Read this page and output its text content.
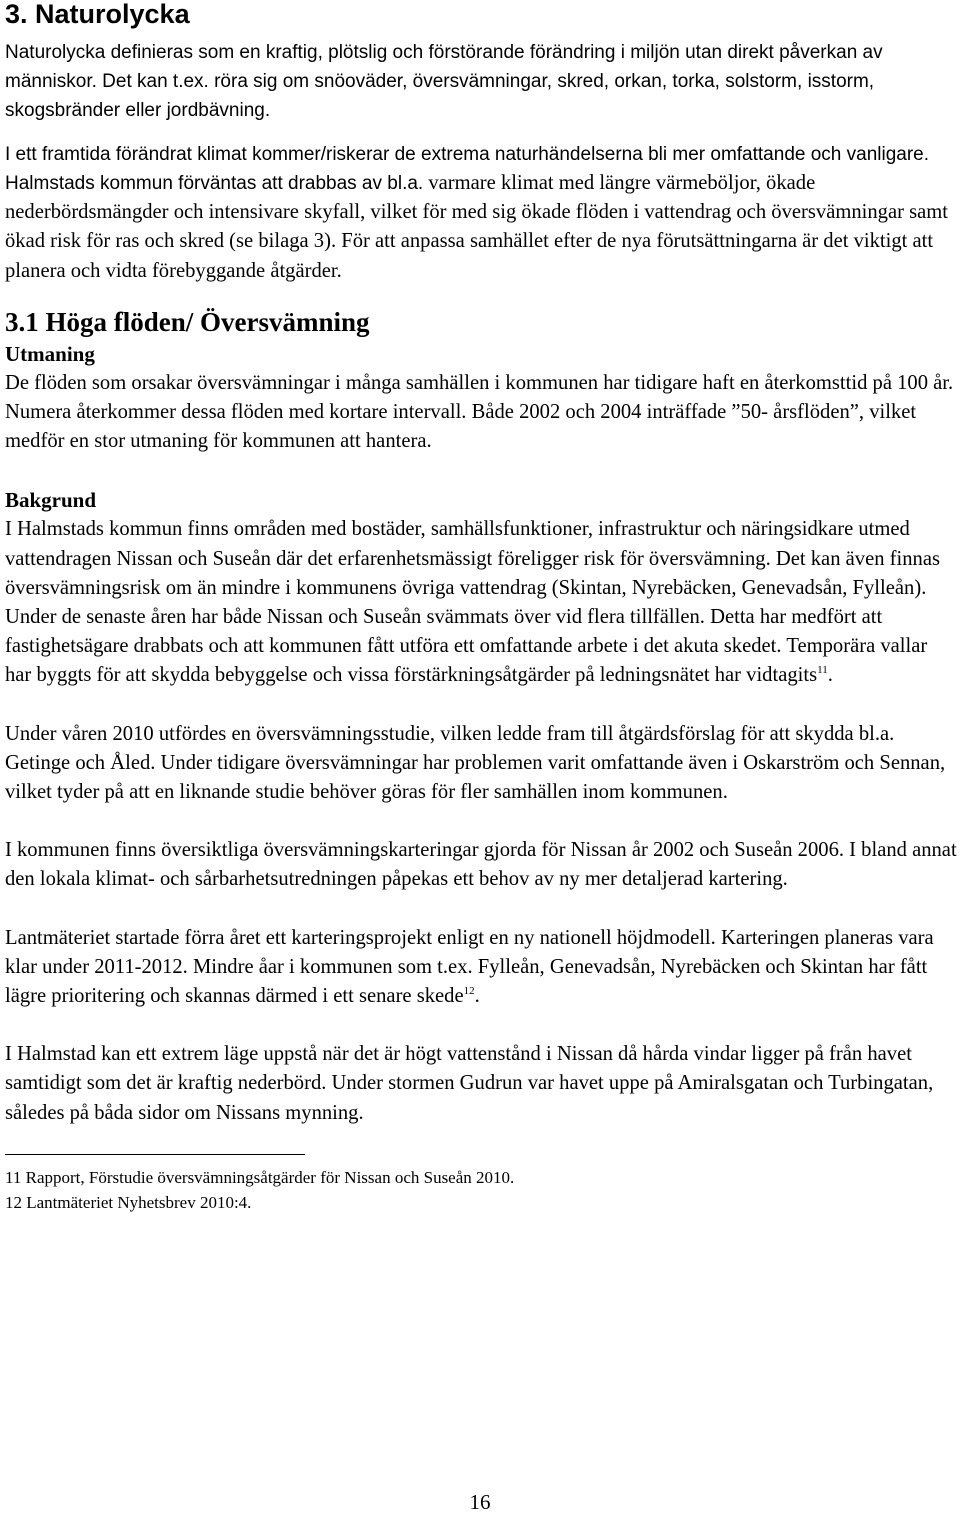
3. Naturolycka

Naturolycka definieras som en kraftig, plötslig och förstörande förändring i miljön utan direkt påverkan av människor. Det kan t.ex. röra sig om snöoväder, översvämningar, skred, orkan, torka, solstorm, isstorm, skogsbränder eller jordbävning.

I ett framtida förändrat klimat kommer/riskerar de extrema naturhändelserna bli mer omfattande och vanligare. Halmstads kommun förväntas att drabbas av bl.a. varmare klimat med längre värmeböljor, ökade nederbördsmängder och intensivare skyfall, vilket för med sig ökade flöden i vattendrag och översvämningar samt ökad risk för ras och skred (se bilaga 3). För att anpassa samhället efter de nya förutsättningarna är det viktigt att planera och vidta förebyggande åtgärder.

3.1 Höga flöden/ Översvämning
Utmaning

De flöden som orsakar översvämningar i många samhällen i kommunen har tidigare haft en återkomsttid på 100 år. Numera återkommer dessa flöden med kortare intervall. Både 2002 och 2004 inträffade ”50- årsflöden”, vilket medför en stor utmaning för kommunen att hantera.

Bakgrund

I Halmstads kommun finns områden med bostäder, samhällsfunktioner, infrastruktur och näringsidkare utmed vattendragen Nissan och Suseån där det erfarenhetsmässigt föreligger risk för översvämning. Det kan även finnas översvämningsrisk om än mindre i kommunens övriga vattendrag (Skintan, Nyrebäcken, Genevadsån, Fylleån).

Under de senaste åren har både Nissan och Suseån svämmats över vid flera tillfällen. Detta har medfört att fastighetsägare drabbats och att kommunen fått utföra ett omfattande arbete i det akuta skedet. Temporära vallar har byggts för att skydda bebyggelse och vissa förstärkningsåtgärder på ledningsnätet har vidtagits$^{11}$.

Under våren 2010 utfördes en översvämningsstudie, vilken ledde fram till åtgärdsförslag för att skydda bl.a. Getinge och Åled. Under tidigare översvämningar har problemen varit omfattande även i Oskarström och Sennan, vilket tyder på att en liknande studie behöver göras för fler samhällen inom kommunen.

I kommunen finns översiktliga översvämningskarteringar gjorda för Nissan år 2002 och Suseån 2006. I bland annat den lokala klimat- och sårbarhetsutredningen påpekas ett behov av ny mer detaljerad kartering.

Lantmäteriet startade förra året ett karteringsprojekt enligt en ny nationell höjdmodell. Karteringen planeras vara klar under 2011-2012. Mindre åar i kommunen som t.ex. Fylleån, Genevadsån, Nyrebäcken och Skintan har fått lägre prioritering och skannas därmed i ett senare skede$^{12}$.

I Halmstad kan ett extrem läge uppstå när det är högt vattenstånd i Nissan då hårda vindar ligger på från havet samtidigt som det är kraftig nederbörd. Under stormen Gudrun var havet uppe på Amiralsgatan och Turbingatan, således på båda sidor om Nissans mynning.

11 Rapport, Förstudie översvämningsåtgärder för Nissan och Suseån 2010.

12 Lantmäteriet Nyhetsbrev 2010:4.

16
